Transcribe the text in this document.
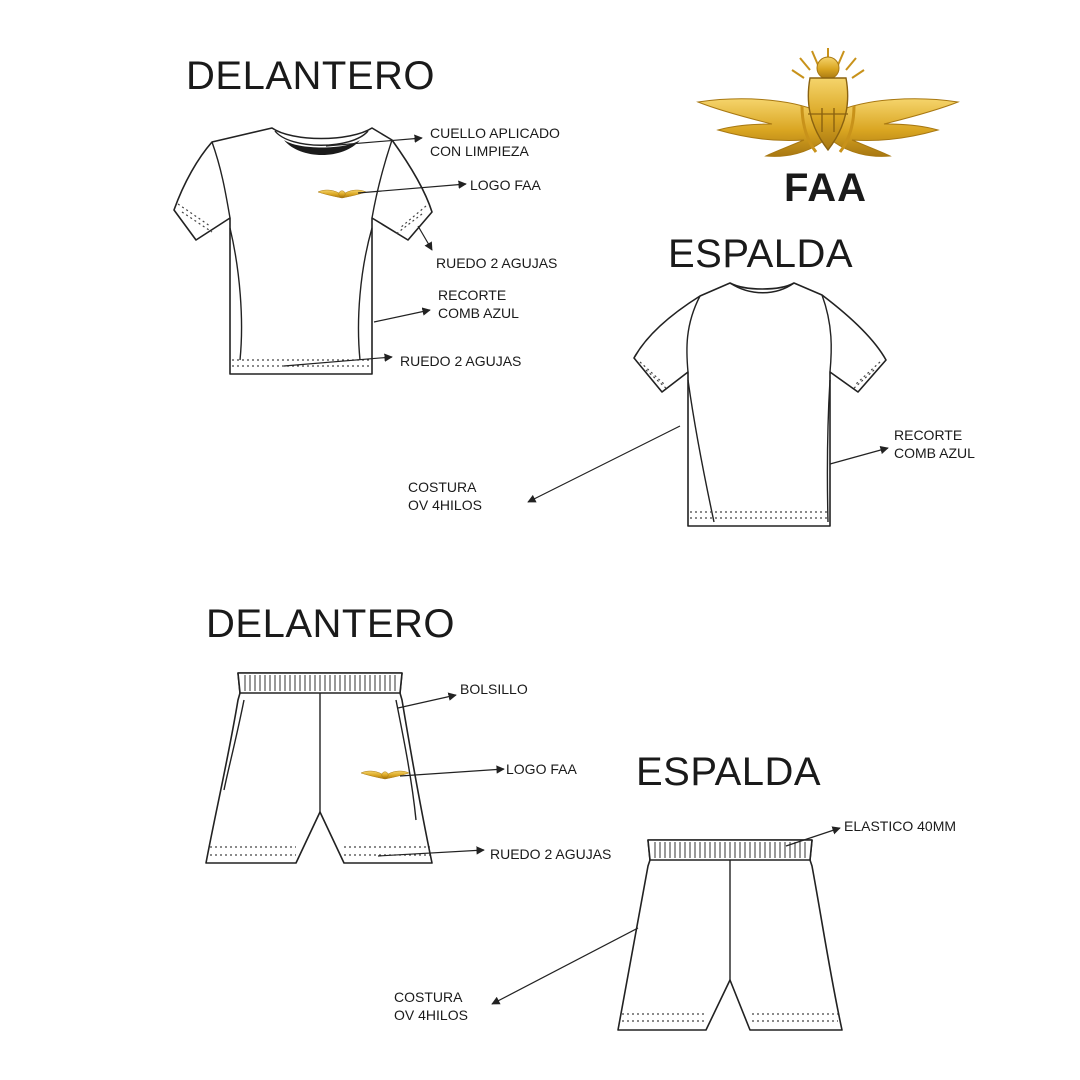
DELANTERO
ESPALDA
DELANTERO
ESPALDA
FAA
CUELLO APLICADO
CON LIMPIEZA
LOGO FAA
RUEDO 2 AGUJAS
RECORTE
COMB AZUL
RUEDO 2 AGUJAS
RECORTE
COMB AZUL
COSTURA
OV 4HILOS
BOLSILLO
LOGO FAA
RUEDO 2 AGUJAS
ELASTICO 40MM
COSTURA
OV 4HILOS
